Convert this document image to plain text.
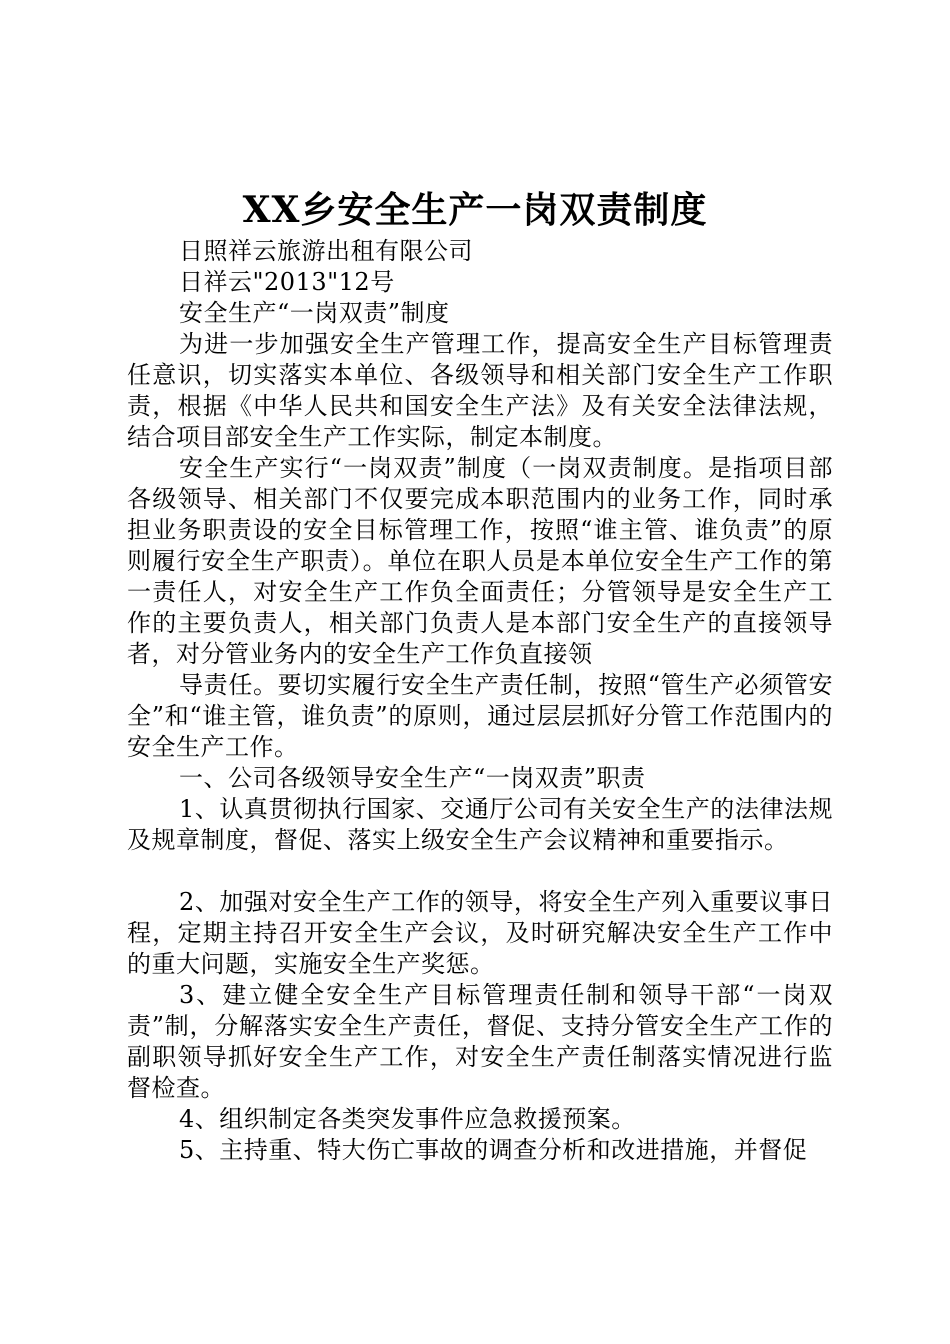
XX乡安全生产一岗双责制度

日照祥云旅游出租有限公司

日祥云"2013"12号

安全生产“一岗双责”制度

为进一步加强安全生产管理工作，提高安全生产目标管理责任意识，切实落实本单位、各级领导和相关部门安全生产工作职责，根据《中华人民共和国安全生产法》及有关安全法律法规，结合项目部安全生产工作实际，制定本制度。

安全生产实行“一岗双责”制度（一岗双责制度。是指项目部各级领导、相关部门不仅要完成本职范围内的业务工作，同时承担业务职责设的安全目标管理工作，按照“谁主管、谁负责”的原则履行安全生产职责）。单位在职人员是本单位安全生产工作的第一责任人，对安全生产工作负全面责任；分管领导是安全生产工作的主要负责人，相关部门负责人是本部门安全生产的直接领导者，对分管业务内的安全生产工作负直接领

导责任。要切实履行安全生产责任制，按照“管生产必须管安全”和“谁主管，谁负责”的原则，通过层层抓好分管工作范围内的安全生产工作。

一、公司各级领导安全生产“一岗双责”职责

1、认真贯彻执行国家、交通厅公司有关安全生产的法律法规及规章制度，督促、落实上级安全生产会议精神和重要指示。

2、加强对安全生产工作的领导，将安全生产列入重要议事日程，定期主持召开安全生产会议，及时研究解决安全生产工作中的重大问题，实施安全生产奖惩。

3、建立健全安全生产目标管理责任制和领导干部“一岗双责”制，分解落实安全生产责任，督促、支持分管安全生产工作的副职领导抓好安全生产工作，对安全生产责任制落实情况进行监督检查。

4、组织制定各类突发事件应急救援预案。

5、主持重、特大伤亡事故的调查分析和改进措施，并督促
